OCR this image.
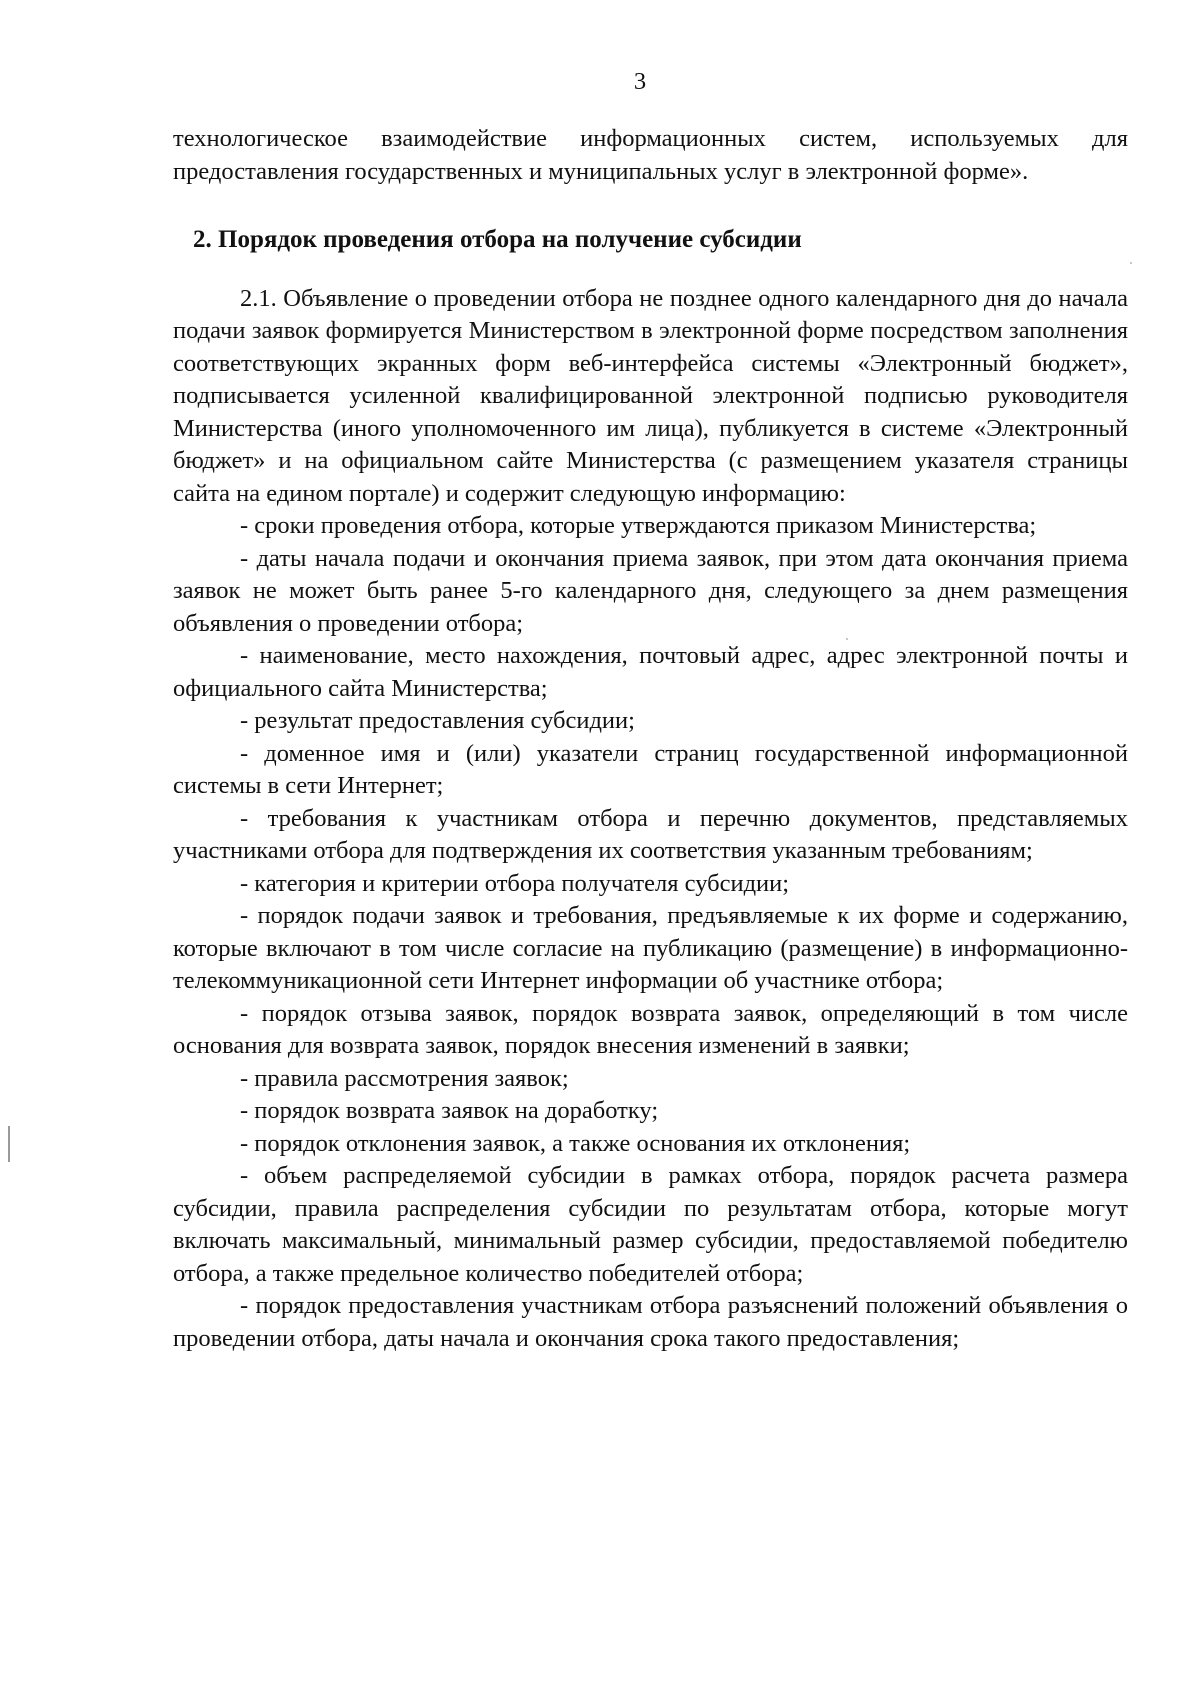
3

технологическое взаимодействие информационных систем, используемых для предоставления государственных и муниципальных услуг в электронной форме».

2. Порядок проведения отбора на получение субсидии

2.1. Объявление о проведении отбора не позднее одного календарного дня до начала подачи заявок формируется Министерством в электронной форме посредством заполнения соответствующих экранных форм веб-интерфейса системы «Электронный бюджет», подписывается усиленной квалифицированной электронной подписью руководителя Министерства (иного уполномоченного им лица), публикуется в системе «Электронный бюджет» и на официальном сайте Министерства (с размещением указателя страницы сайта на едином портале) и содержит следующую информацию:

- сроки проведения отбора, которые утверждаются приказом Министерства;

- даты начала подачи и окончания приема заявок, при этом дата окончания приема заявок не может быть ранее 5-го календарного дня, следующего за днем размещения объявления о проведении отбора;

- наименование, место нахождения, почтовый адрес, адрес электронной почты и официального сайта Министерства;

- результат предоставления субсидии;

- доменное имя и (или) указатели страниц государственной информационной системы в сети Интернет;

- требования к участникам отбора и перечню документов, представляемых участниками отбора для подтверждения их соответствия указанным требованиям;

- категория и критерии отбора получателя субсидии;

- порядок подачи заявок и требования, предъявляемые к их форме и содержанию, которые включают в том числе согласие на публикацию (размещение) в информационно-телекоммуникационной сети Интернет информации об участнике отбора;

- порядок отзыва заявок, порядок возврата заявок, определяющий в том числе основания для возврата заявок, порядок внесения изменений в заявки;

- правила рассмотрения заявок;

- порядок возврата заявок на доработку;

- порядок отклонения заявок, а также основания их отклонения;

- объем распределяемой субсидии в рамках отбора, порядок расчета размера субсидии, правила распределения субсидии по результатам отбора, которые могут включать максимальный, минимальный размер субсидии, предоставляемой победителю отбора, а также предельное количество победителей отбора;

- порядок предоставления участникам отбора разъяснений положений объявления о проведении отбора, даты начала и окончания срока такого предоставления;
